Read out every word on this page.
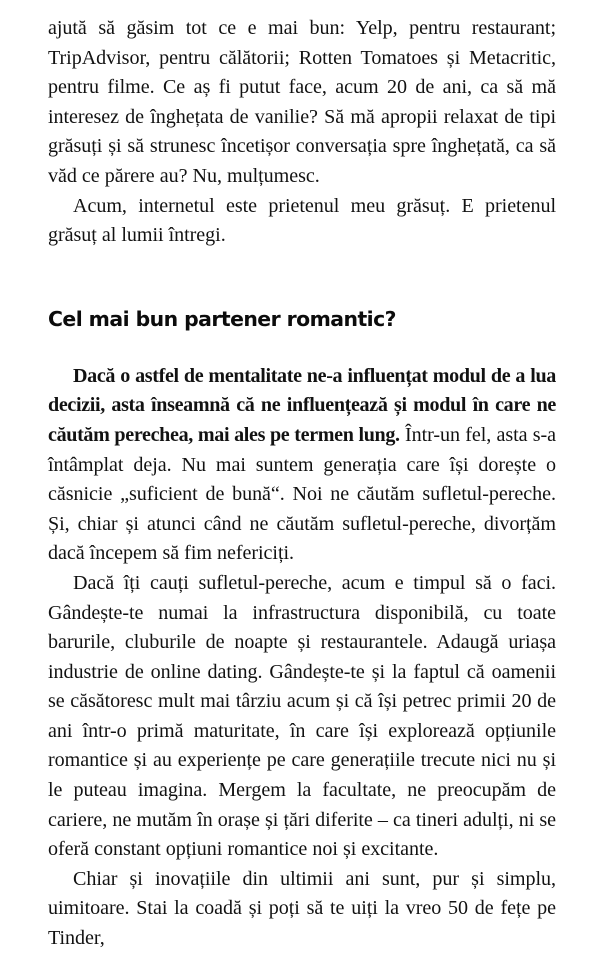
ajută să găsim tot ce e mai bun: Yelp, pentru restaurant; TripAdvisor, pentru călătorii; Rotten Tomatoes și Metacritic, pentru filme. Ce aș fi putut face, acum 20 de ani, ca să mă interesez de înghețata de vanilie? Să mă apropii relaxat de tipi grăsuți și să strunesc încetișor conversația spre înghețată, ca să văd ce părere au? Nu, mulțumesc.

Acum, internetul este prietenul meu grăsuț. E prietenul grăsuț al lumii întregi.

Cel mai bun partener romantic?

Dacă o astfel de mentalitate ne-a influențat modul de a lua decizii, asta înseamnă că ne influențează și modul în care ne căutăm perechea, mai ales pe termen lung. Într-un fel, asta s-a întâmplat deja. Nu mai suntem generația care își dorește o căsnicie „suficient de bună“. Noi ne căutăm sufletul-pereche. Și, chiar și atunci când ne căutăm sufletul-pereche, divorțăm dacă începem să fim nefericiți.

Dacă îți cauți sufletul-pereche, acum e timpul să o faci. Gândește-te numai la infrastructura disponibilă, cu toate barurile, cluburile de noapte și restaurantele. Adaugă uriașa industrie de online dating. Gândește-te și la faptul că oamenii se căsătoresc mult mai târziu acum și că își petrec primii 20 de ani într-o primă maturitate, în care își explorează opțiunile romantice și au experiențe pe care generațiile trecute nici nu și le puteau imagina. Mergem la facultate, ne preocupăm de cariere, ne mutăm în orașe și țări diferite – ca tineri adulți, ni se oferă constant opțiuni romantice noi și excitante.

Chiar și inovațiile din ultimii ani sunt, pur și simplu, uimitoare. Stai la coadă și poți să te uiți la vreo 50 de fețe pe Tinder,
